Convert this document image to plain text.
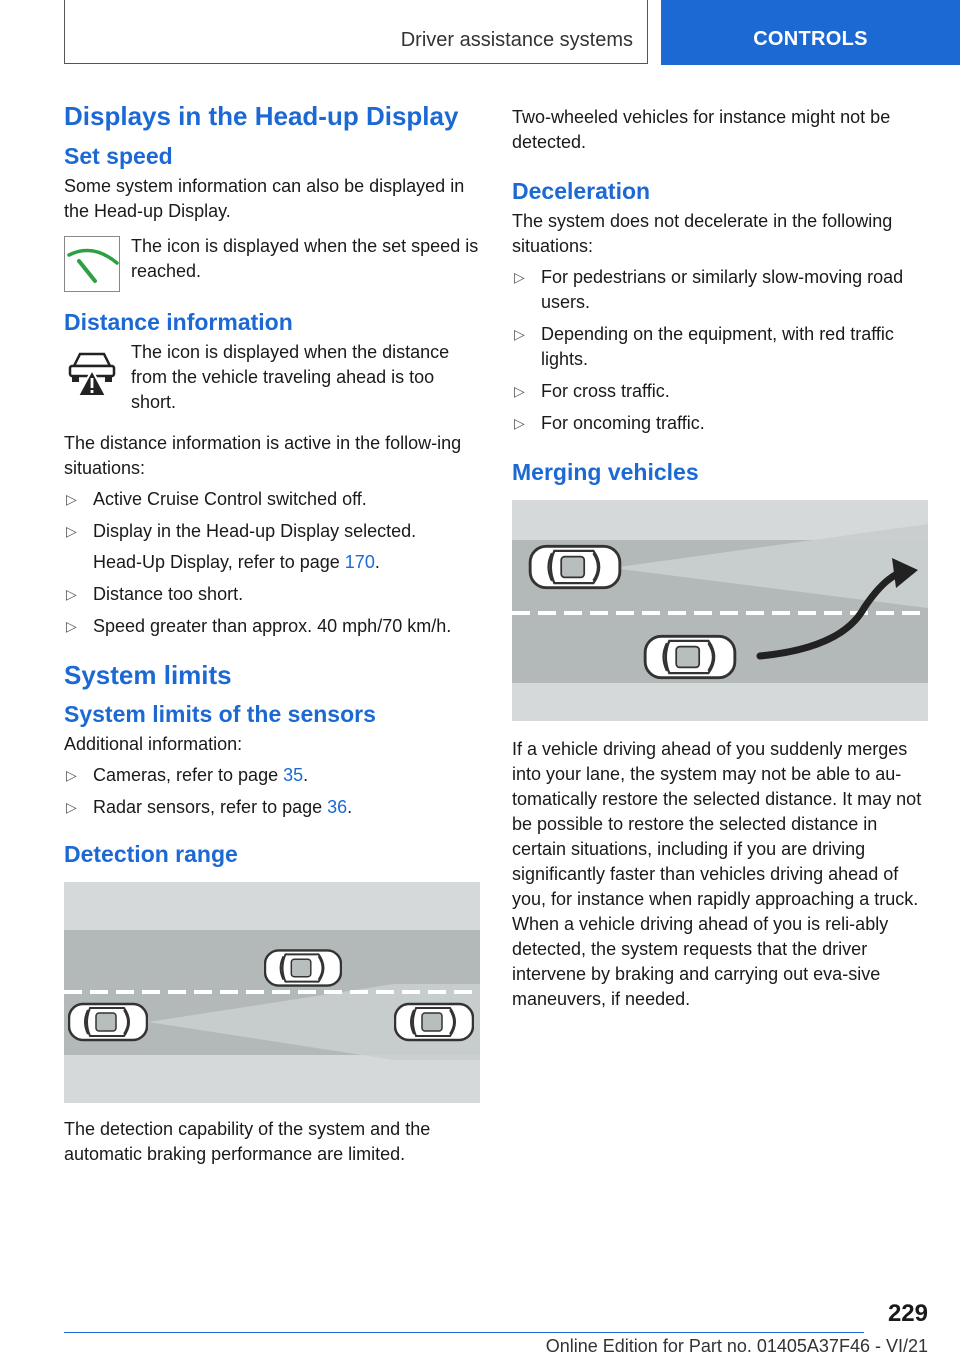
Driver assistance systems	CONTROLS
Displays in the Head-up Display
Set speed

Some system information can also be displayed in the Head-up Display.

The icon is displayed when the set speed is reached.

Distance information

The icon is displayed when the distance from the vehicle traveling ahead is too short.

The distance information is active in the follow-ing situations:

▷ Active Cruise Control switched off.
▷ Display in the Head-up Display selected.
Head-Up Display, refer to page 170.
▷ Distance too short.
▷ Speed greater than approx. 40 mph/70 km/h.
System limits
System limits of the sensors

Additional information:

▷ Cameras, refer to page 35.
▷ Radar sensors, refer to page 36.
Detection range

The detection capability of the system and the automatic braking performance are limited.

Two-wheeled vehicles for instance might not be detected.

Deceleration

The system does not decelerate in the following situations:

▷ For pedestrians or similarly slow-moving road users.
▷ Depending on the equipment, with red traffic lights.
▷ For cross traffic.
▷ For oncoming traffic.
Merging vehicles

If a vehicle driving ahead of you suddenly merges into your lane, the system may not be able to au-tomatically restore the selected distance. It may not be possible to restore the selected distance in certain situations, including if you are driving significantly faster than vehicles driving ahead of you, for instance when rapidly approaching a truck. When a vehicle driving ahead of you is reli-ably detected, the system requests that the driver intervene by braking and carrying out eva-sive maneuvers, if needed.

229
Online Edition for Part no. 01405A37F46 - VI/21
